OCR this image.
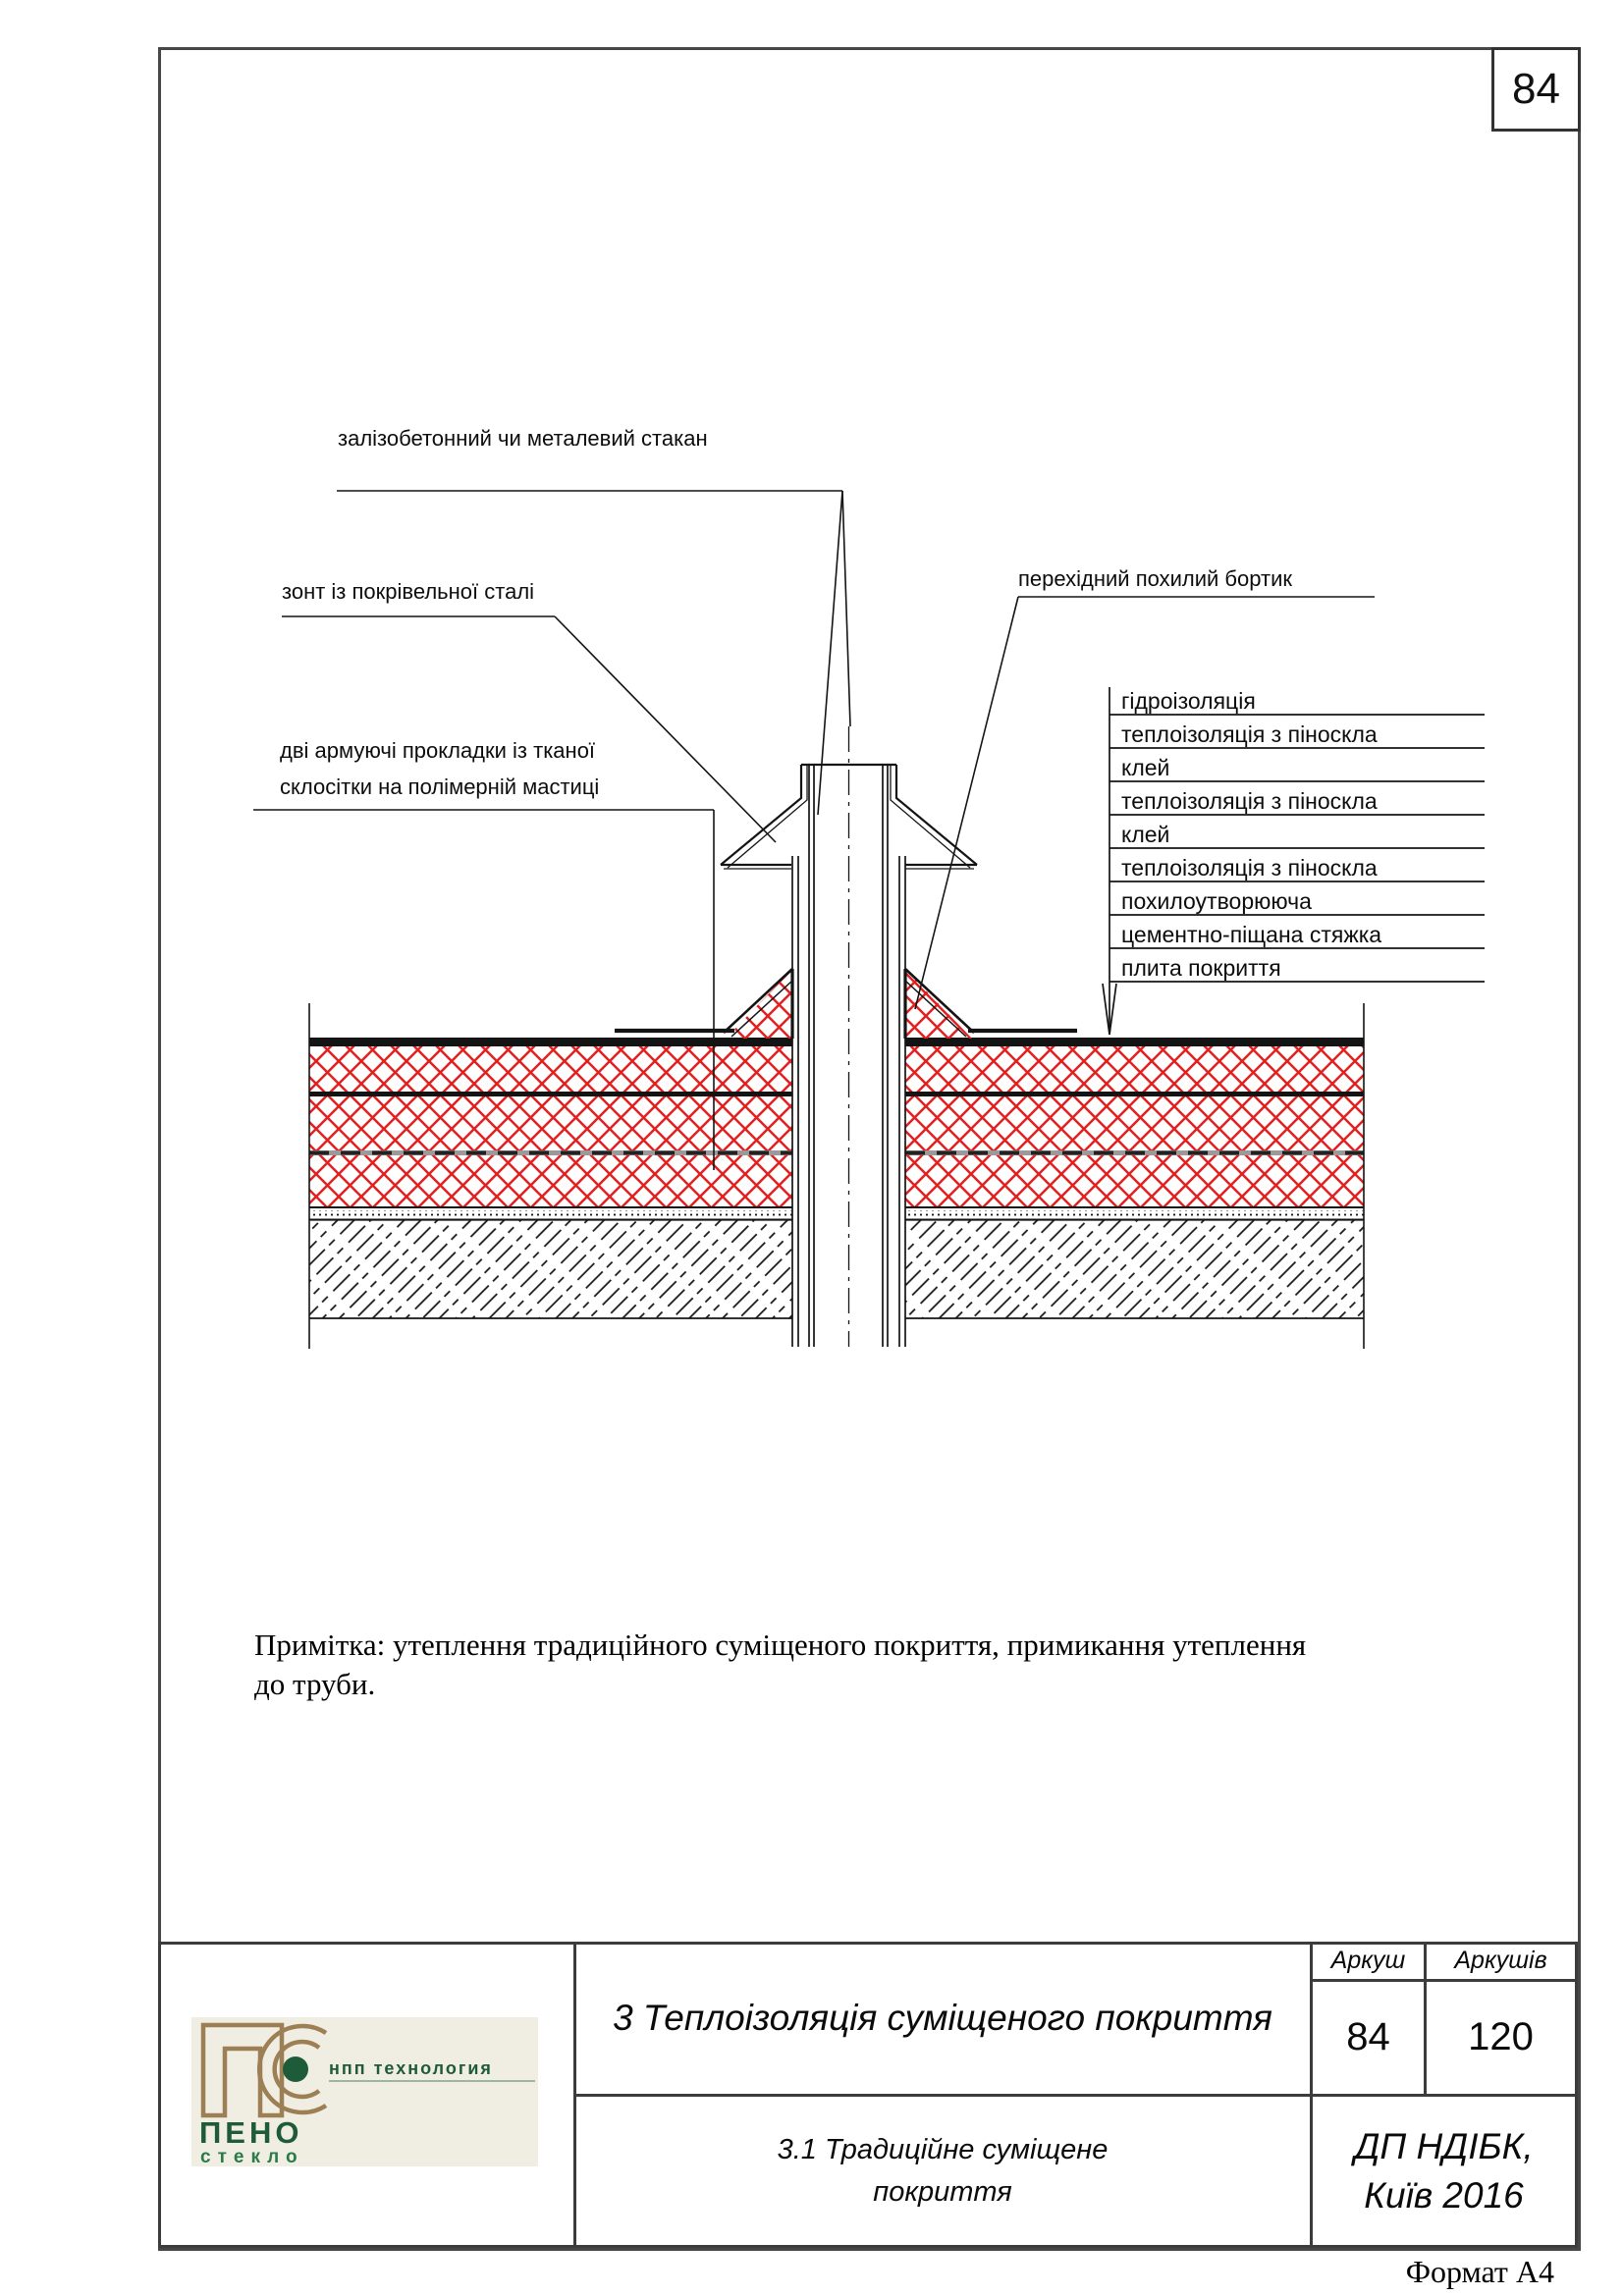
84
залізобетонний чи металевий стакан
зонт із покрівельної сталі
дві армуючі прокладки із тканої
склосітки на полімерній мастиці
перехідний похилий бортик
гідроізоляція
теплоізоляція з піноскла
клей
теплоізоляція з піноскла
клей
теплоізоляція з піноскла
похилоутворююча
цементно-піщана стяжка
плита покриття
Примітка: утеплення традиційного суміщеного покриття, примикання утеплення
до труби.
нпп технология
ПЕНО
стекло
3 Теплоізоляція суміщеного покриття
3.1 Традиційне суміщене
покриття
Аркуш	Аркушів
84	120
ДП НДІБК,
Київ 2016
Формат А4
